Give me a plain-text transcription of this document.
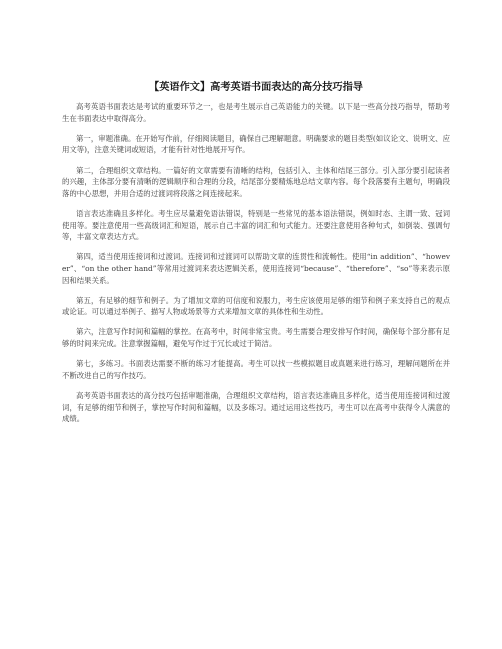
【英语作文】高考英语书面表达的高分技巧指导

高考英语书面表达是考试的重要环节之一，也是考生展示自己英语能力的关键。以下是一些高分技巧指导，帮助考生在书面表达中取得高分。

第一，审题准确。在开始写作前，仔细阅读题目，确保自己理解题意。明确要求的题目类型(如议论文、说明文、应用文等)，注意关键词或短语，才能有针对性地展开写作。

第二，合理组织文章结构。一篇好的文章需要有清晰的结构，包括引入、主体和结尾三部分。引入部分要引起读者的兴趣，主体部分要有清晰的逻辑顺序和合理的分段，结尾部分要精炼地总结文章内容。每个段落要有主题句，明确段落的中心思想，并用合适的过渡词将段落之间连接起来。

语言表达准确且多样化。考生应尽量避免语法错误，特别是一些常见的基本语法错误，例如时态、主谓一致、冠词使用等。要注意使用一些高级词汇和短语，展示自己丰富的词汇和句式能力。还要注意使用各种句式，如倒装、强调句等，丰富文章表达方式。

第四，适当使用连接词和过渡词。连接词和过渡词可以帮助文章的连贯性和流畅性。使用“in addition”、“however”、“on the other hand”等常用过渡词来表达逻辑关系，使用连接词“because”、“therefore”、“so”等来表示原因和结果关系。

第五，有足够的细节和例子。为了增加文章的可信度和说服力，考生应该使用足够的细节和例子来支持自己的观点或论证。可以通过举例子、描写人物或场景等方式来增加文章的具体性和生动性。

第六，注意写作时间和篇幅的掌控。在高考中，时间非常宝贵。考生需要合理安排写作时间，确保每个部分都有足够的时间来完成。注意掌握篇幅，避免写作过于冗长或过于简洁。

第七，多练习。书面表达需要不断的练习才能提高。考生可以找一些模拟题目或真题来进行练习，理解问题所在并不断改进自己的写作技巧。

高考英语书面表达的高分技巧包括审题准确，合理组织文章结构，语言表达准确且多样化，适当使用连接词和过渡词，有足够的细节和例子，掌控写作时间和篇幅，以及多练习。通过运用这些技巧，考生可以在高考中获得令人满意的成绩。
